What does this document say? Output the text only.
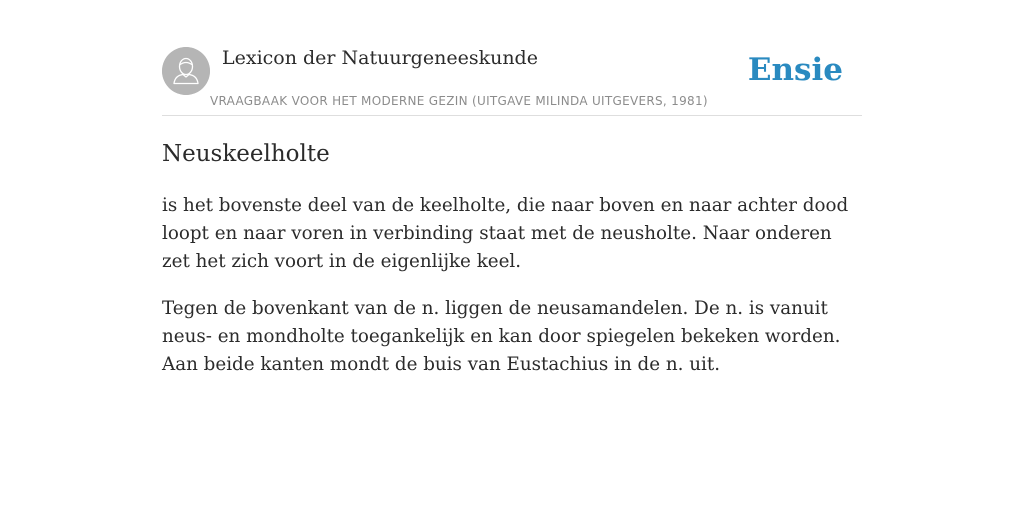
Lexicon der Natuurgeneeskunde
VRAAGBAAK VOOR HET MODERNE GEZIN (UITGAVE MILINDA UITGEVERS, 1981)
Ensie
Neuskeelholte

is het bovenste deel van de keelholte, die naar boven en naar achter dood loopt en naar voren in verbinding staat met de neusholte. Naar onderen zet het zich voort in de eigenlijke keel.

Tegen de bovenkant van de n. liggen de neusamandelen. De n. is vanuit neus- en mondholte toegankelijk en kan door spiegelen bekeken worden. Aan beide kanten mondt de buis van Eustachius in de n. uit.
